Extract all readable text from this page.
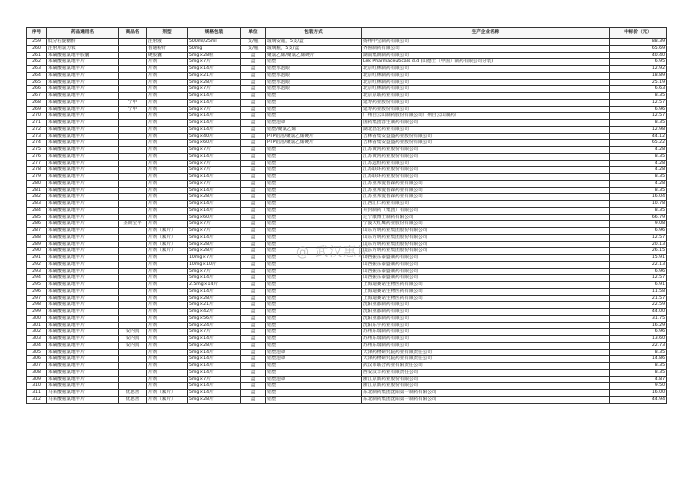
序号	药品通用名	商品名	剂型	规格包装	单位	包装方式	生产企业名称	中标价（元）
259	低分右旋糖酐		注射液	500ml/25ml	支/瓶	玻璃安瓿，5支/盒	扬州中宝制药有限公司	88.39
260	注射用氯力农		普通粉针	50mg	支/瓶	玻璃瓶，5支/盒	齐鲁制药有限公司	65.69
261	苯磺酸氨氯地平胶囊		硬胶囊	5mg×28粒	盒	聚氯乙烯/聚氯乙烯硬片	湖南集朗制药有限公司	40.40
262	苯磺酸氨氯地平片		片剂	5mg×7片	盒	铝塑	Lek Pharmaceuticals d.d (山德士（中国）制药有限公司分装)	6.95
263	苯磺酸氨氯地平片		片剂	5mg×14片	盒	铝塑水泡眼	北京红林制药有限公司	12.92
264	苯磺酸氨氯地平片		片剂	5mg×21片	盒	铝塑水泡眼	北京红林制药有限公司	18.89
265	苯磺酸氨氯地平片		片剂	5mg×28片	盒	铝塑水泡眼	北京红林制药有限公司	25.19
266	苯磺酸氨氯地平片		片剂	5mg×7片	盒	铝塑水泡眼	北京红林制药有限公司	6.63
267	苯磺酸氨氯地平片		片剂	5mg×14片	盒	铝塑	北京京联药业有限公司	8.35
268	苯磺酸氨氯地平片	宁中	片剂	5mg×14片	盒	铝塑	延寿药业股份有限公司	12.57
269	苯磺酸氨氯地平片	宁中	片剂	5mg×7片	盒	铝塑	延寿药业股份有限公司	6.96
270	苯磺酸氨氯地平片		片剂	5mg×14片	盒	铝塑	广州白云山制药股份有限公司广州白云山制药厂	12.57
271	苯磺酸氨氯地平片		片剂	5mg×14片	盒	铝塑泡罩	国药集团容生制药有限公司	8.35
272	苯磺酸氨氯地平片		片剂	5mg×14片	盒	铝塑/聚氯乙烯	湖北昌宏药业有限公司	12.98
273	苯磺酸氨氯地平片		片剂	5mg×40片	盒	PTP铝箔/聚氯乙烯硬片	吉林省集安益盛药业股份有限公司	44.12
274	苯磺酸氨氯地平片		片剂	5mg×60片	盒	PTP铝箔/聚氯乙烯硬片	吉林省集安益盛药业股份有限公司	65.22
275	苯磺酸氨氯地平片		片剂	5mg×7片	盒	铝塑	江苏黄河药业股份有限公司	4.28
276	苯磺酸氨氯地平片		片剂	5mg×14片	盒	铝塑	江苏黄河药业股份有限公司	8.35
277	苯磺酸氨氯地平片		片剂	5mg×7片	盒	铝塑	江苏远恒药业有限公司	4.28
278	苯磺酸氨氯地平片		片剂	5mg×7片	盒	铝塑	江苏联环药业股份有限公司	4.28
279	苯磺酸氨氯地平片		片剂	5mg×14片	盒	铝塑	江苏联环药业股份有限公司	8.35
280	苯磺酸氨氯地平片		片剂	5mg×7片	盒	铝塑	江苏亚邦爱普森药业有限公司	4.28
281	苯磺酸氨氯地平片		片剂	5mg×14片	盒	铝塑	江苏亚邦爱普森药业有限公司	8.35
282	苯磺酸氨氯地平片		片剂	5mg×28片	盒	铝塑	江苏亚邦爱普森药业有限公司	16.04
283	苯磺酸氨氯地平片		片剂	5mg×14片	盒	铝塑	江西汇仁药业有限公司	10.78
284	苯磺酸氨氯地平片		片剂	5mg×14片	盒	铝塑	开封制药（集团）有限公司	8.35
285	苯磺酸氨氯地平片		片剂	5mg×60片	盒	铝塑	辽宁康博士制药有限公司	66.79
286	苯磺酸氨氯地平片	圣朗宝平	片剂	5mg×7片	盒	铝塑	宁波大红鹰药业股份有限公司	9.08
287	苯磺酸氨氯地平片		片剂（素片）	5mg×7片	盒	铝塑	山东方明药业集团股份有限公司	6.96
288	苯磺酸氨氯地平片		片剂（素片）	5mg×14片	盒	铝塑	山东方明药业集团股份有限公司	12.57
289	苯磺酸氨氯地平片		片剂（素片）	5mg×28片	盒	铝塑	山东方明药业集团股份有限公司	20.13
290	苯磺酸氨氯地平片		片剂（素片）	5mg×28片	盒	铝塑	山东方明药业集团股份有限公司	26.15
291	苯磺酸氨氯地平片		片剂	10mg×7片	盒	铝塑	山西振东泰盛制药有限公司	15.91
292	苯磺酸氨氯地平片		片剂	10mg×10片	盒	铝塑	山西振东泰盛制药有限公司	22.13
293	苯磺酸氨氯地平片		片剂	5mg×7片	盒	铝塑	山西振东泰盛制药有限公司	6.96
294	苯磺酸氨氯地平片		片剂	5mg×14片	盒	铝塑	山西振东泰盛制药有限公司	12.57
295	苯磺酸氨氯地平片		片剂	2.5mg×14片	盒	铝塑	上海迪赛诺生物医药有限公司	6.91
296	苯磺酸氨氯地平片		片剂	5mg×14片	盒	铝塑	上海迪赛诺生物医药有限公司	11.58
297	苯磺酸氨氯地平片		片剂	5mg×28片	盒	铝塑	上海迪赛诺生物医药有限公司	21.57
298	苯磺酸氨氯地平片		片剂	5mg×21片	盒	铝塑	沈阳亚都制药有限公司	22.59
299	苯磺酸氨氯地平片		片剂	5mg×42片	盒	铝塑	沈阳亚都制药有限公司	44.00
300	苯磺酸氨氯地平片		片剂	5mg×56片	盒	铝塑	沈阳亚都制药有限公司	31.75
301	苯磺酸氨氯地平片		片剂	5mg×24片	盒	铝塑	沈阳东宇药业有限公司	16.29
302	苯磺酸氨氯地平片	安内真	片剂	5mg×7片	盒	铝塑	苏州东瑞制药有限公司	6.96
303	苯磺酸氨氯地平片	安内真	片剂	5mg×14片	盒	铝塑	苏州东瑞制药有限公司	13.60
304	苯磺酸氨氯地平片	安内真	片剂	5mg×28片	盒	铝塑	苏州东瑞制药有限公司	22.73
305	苯磺酸氨氯地平片		片剂	5mg×14片	盒	铝塑泡罩	天津药物研究院药业有限责任公司	8.35
306	苯磺酸氨氯地平片		片剂	5mg×14片	盒	铝塑泡罩	天津药物研究院药业有限责任公司	14.86
307	苯磺酸氨氯地平片		片剂	5mg×14片	盒	铝塑	武汉市联合药业有限责任公司	8.35
308	苯磺酸氨氯地平片		片剂	5mg×14片	盒	铝塑	西安汉丰药业有限责任公司	8.35
309	苯磺酸氨氯地平片		片剂	5mg×7片	盒	铝塑泡罩	浙江京新药业股份有限公司	4.87
310	苯磺酸氨氯地平片		片剂	5mg×14片	盒	铝塑	浙江京新药业股份有限公司	9.50
311	马来酸氨氯地平片	优思善	片剂（素片）	5mg×14片	盒	铝塑	东北制药集团沈阳第一制药有限公司	16.00
312	马来酸氨氯地平片	优思善	片剂（素片）	5mg×28片	盒	铝塑	东北制药集团沈阳第一制药有限公司	44.94
@ 武汉惠民
